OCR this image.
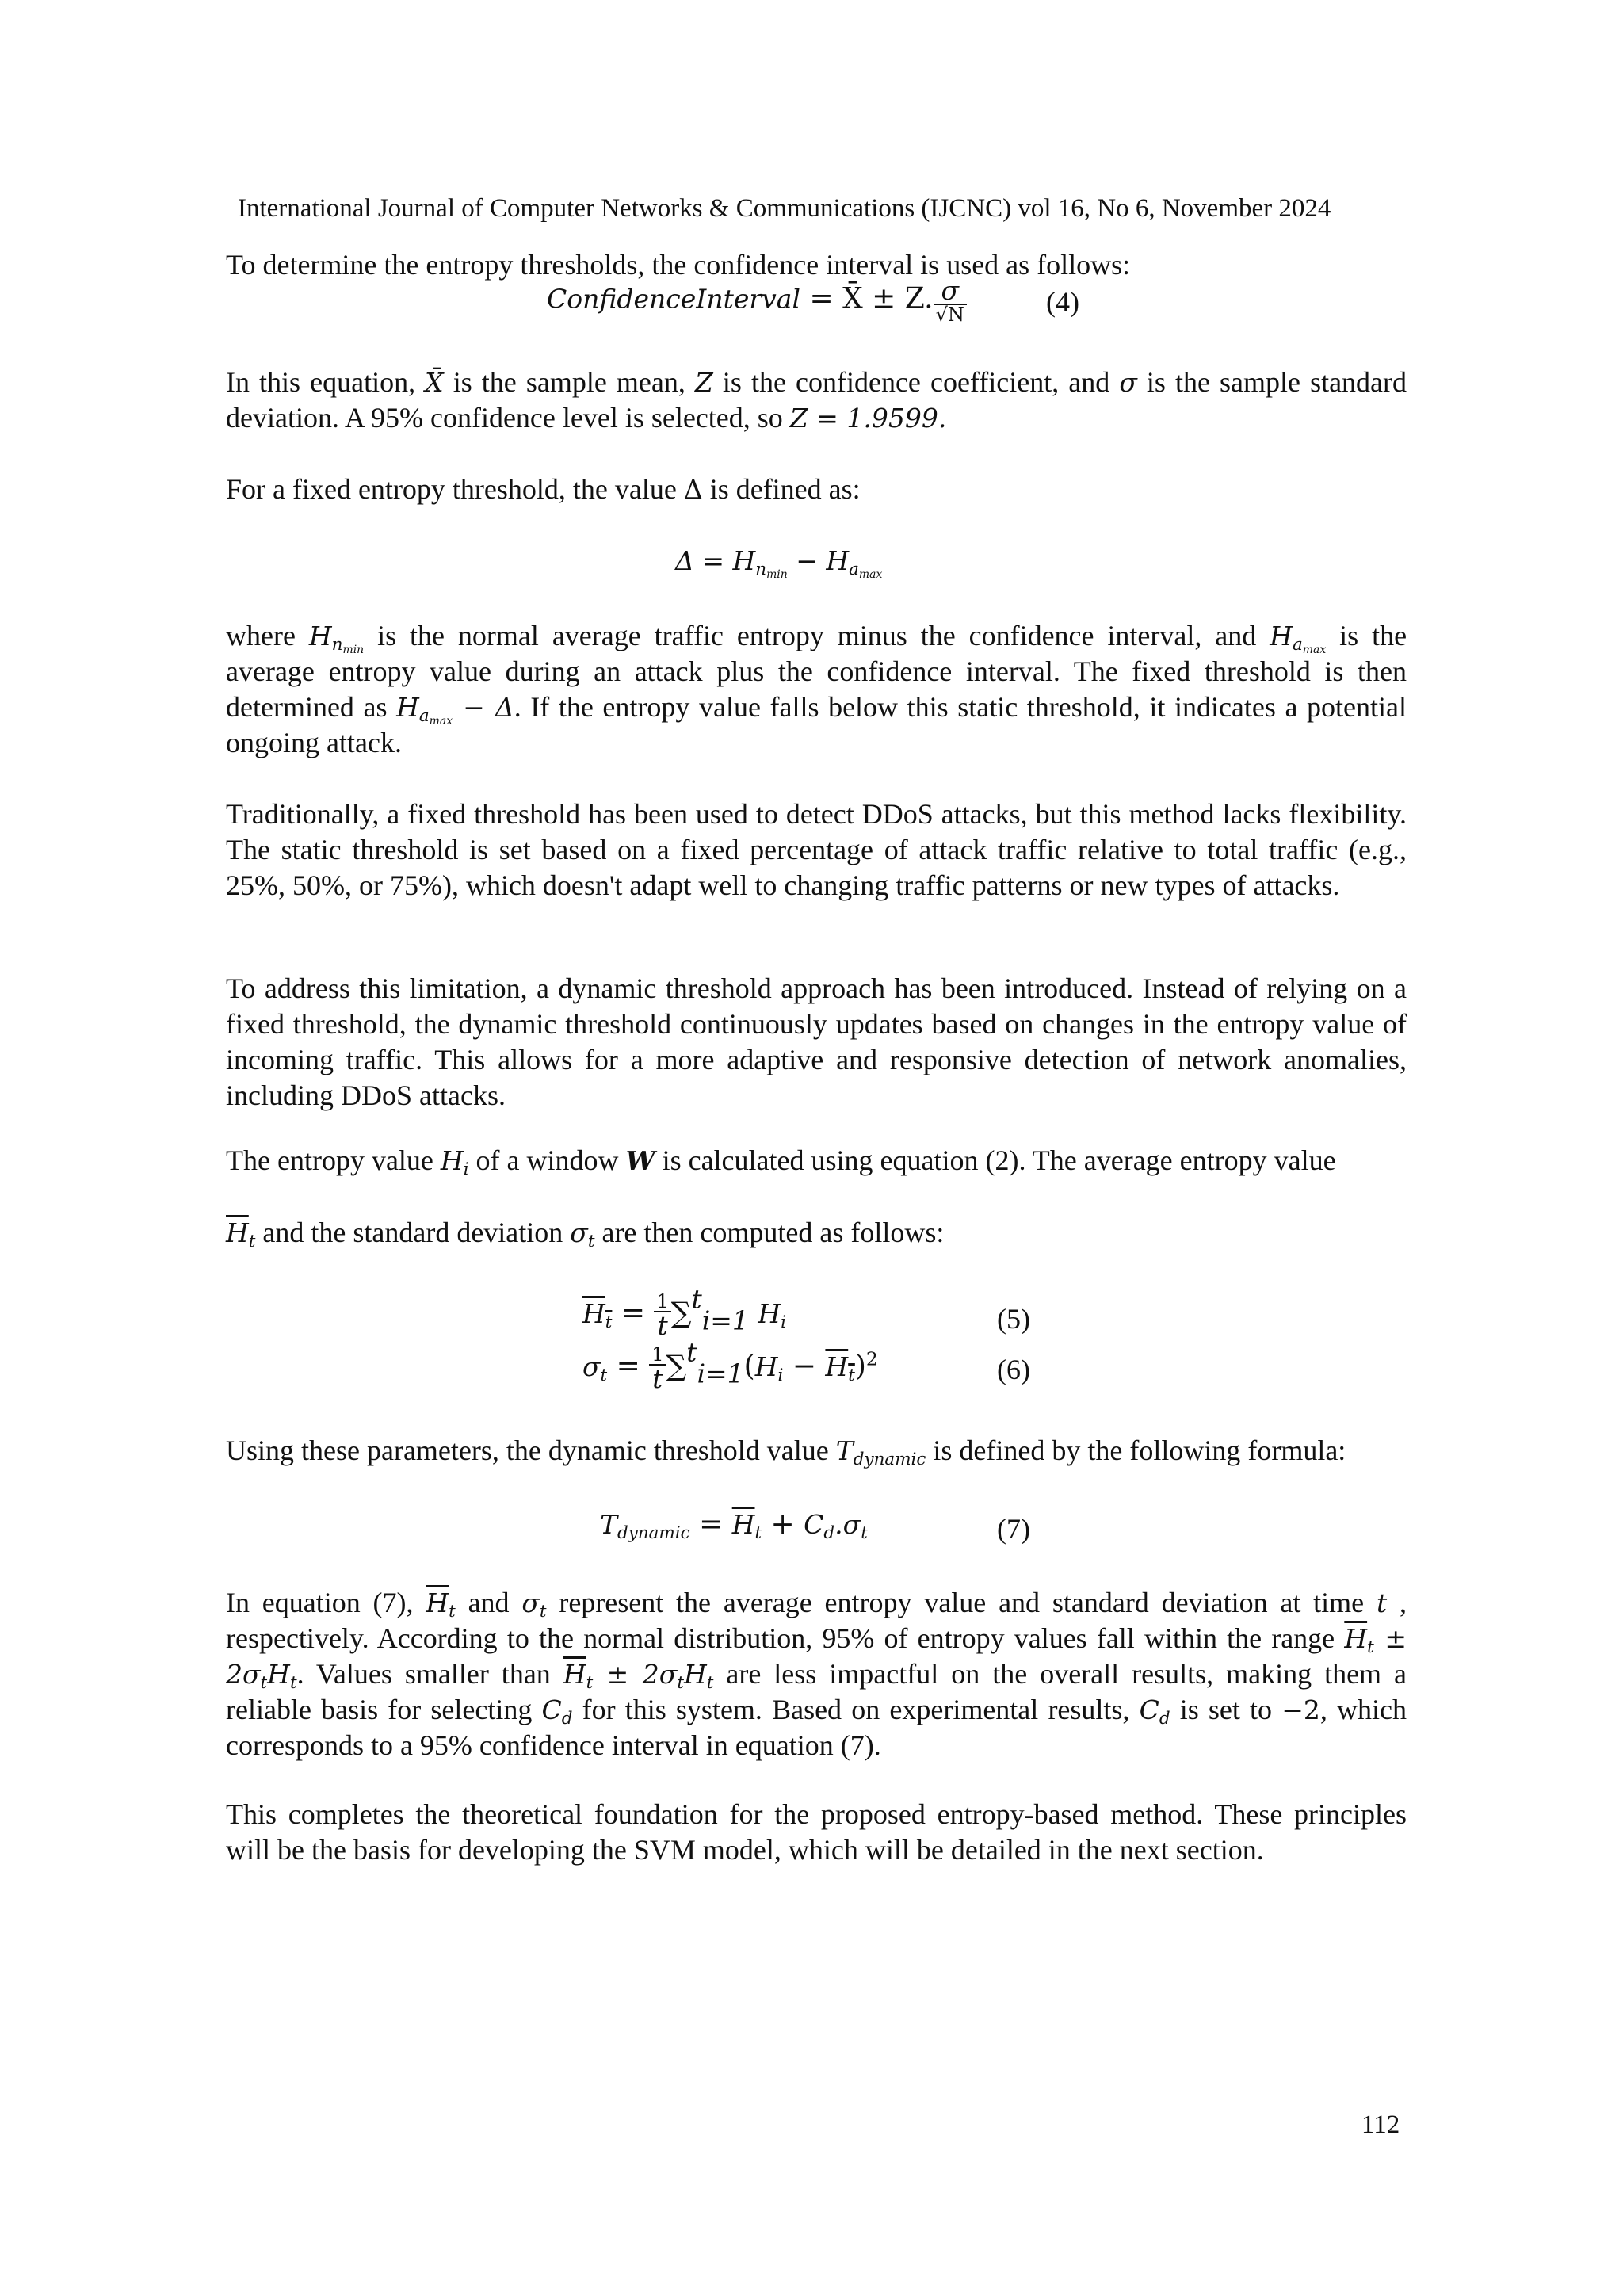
International Journal of Computer Networks & Communications (IJCNC) vol 16, No 6, November 2024
To determine the entropy thresholds, the confidence interval is used as follows:
ConfidenceInterval = X̄ ± Z. $\frac{\sigma}{√N}$	(4)
In this equation, X̄ is the sample mean, Z is the confidence coefficient, and σ is the sample standard deviation. A 95% confidence level is selected, so Z = 1.9599.
For a fixed entropy threshold, the value Δ is defined as:
$\Delta = H_{n_{min}} - H_{a_{max}}$
where $H_{n_{min}}$ is the normal average traffic entropy minus the confidence interval, and $H_{a_{max}}$ is the average entropy value during an attack plus the confidence interval. The fixed threshold is then determined as $H_{a_{max}} - \Delta$. If the entropy value falls below this static threshold, it indicates a potential ongoing attack.
Traditionally, a fixed threshold has been used to detect DDoS attacks, but this method lacks flexibility. The static threshold is set based on a fixed percentage of attack traffic relative to total traffic (e.g., 25%, 50%, or 75%), which doesn't adapt well to changing traffic patterns or new types of attacks.
To address this limitation, a dynamic threshold approach has been introduced. Instead of relying on a fixed threshold, the dynamic threshold continuously updates based on changes in the entropy value of incoming traffic. This allows for a more adaptive and responsive detection of network anomalies, including DDoS attacks.
The entropy value $H_i$ of a window W is calculated using equation (2). The average entropy value
$\overline{H}_t$ and the standard deviation $\sigma_t$ are then computed as follows:
$H_t = \frac{1}{t} \sum^t_{i=1}$ $H_i$	(5)
$\sigma_t = \frac{1}{t} \sum^t_{i=1}(H_i - H_t)^2$	(6)
Using these parameters, the dynamic threshold value $T_{dynamic}$ is defined by the following formula:
$T_{dynamic} = \overline{H}_t + C_d.\sigma_t$	(7)
In equation (7), $\overline{H}_t$ and $\sigma_t$ represent the average entropy value and standard deviation at time t , respectively. According to the normal distribution, 95% of entropy values fall within the range $\overline{H}_t \pm 2\sigma_tH_t$. Values smaller than $\overline{H}_t \pm 2\sigma_tH_t$ are less impactful on the overall results, making them a reliable basis for selecting $C_d$ for this system. Based on experimental results, $C_d$ is set to −2, which corresponds to a 95% confidence interval in equation (7).
This completes the theoretical foundation for the proposed entropy-based method. These principles will be the basis for developing the SVM model, which will be detailed in the next section.
112
